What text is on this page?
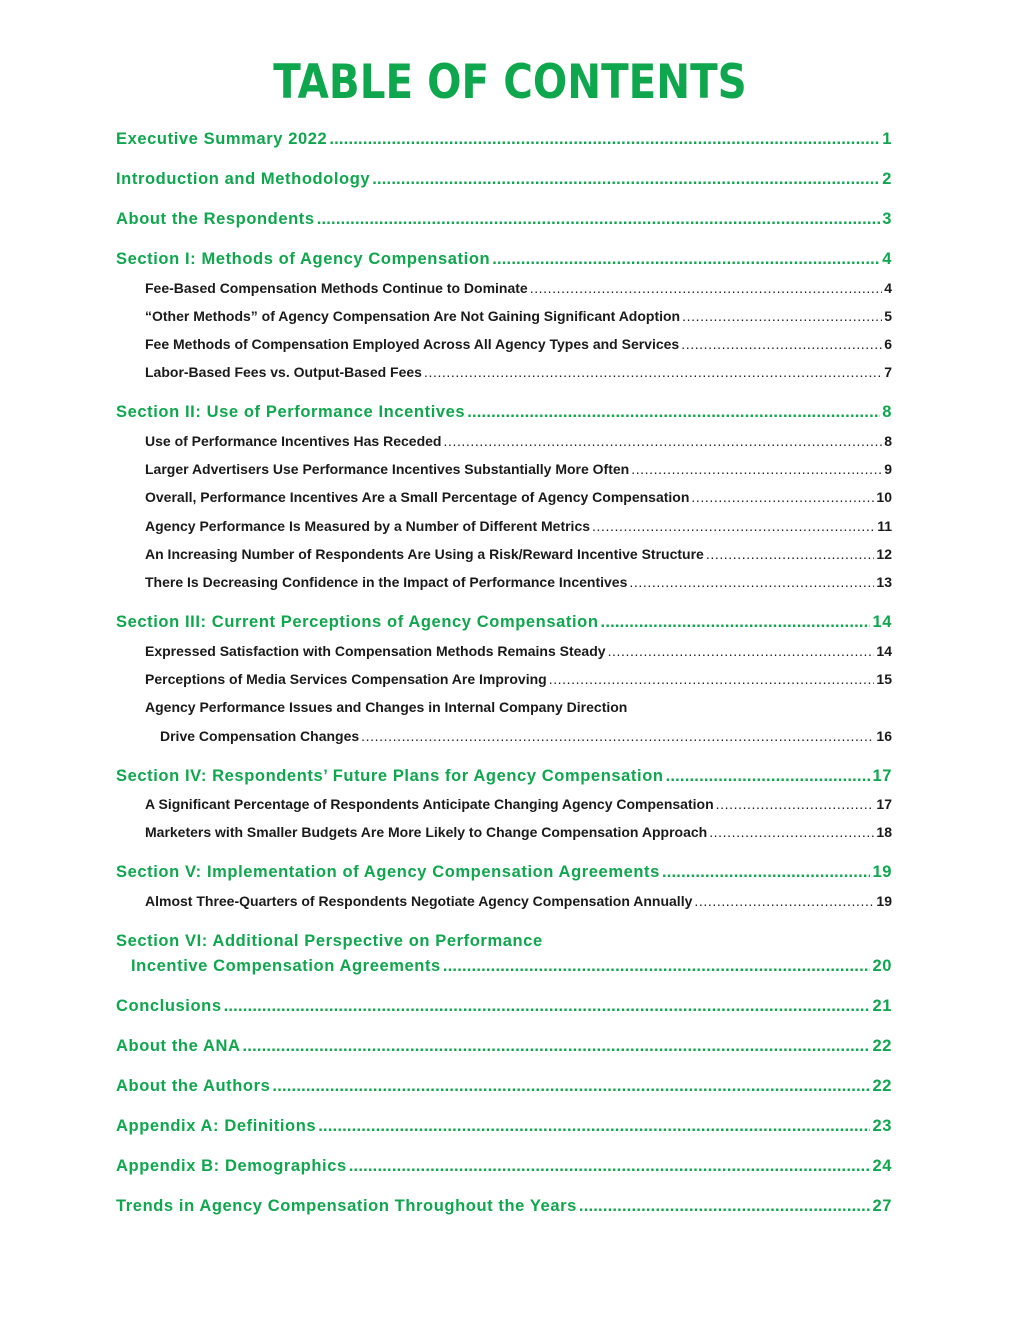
TABLE OF CONTENTS
Executive Summary 2022 .....	1
Introduction and Methodology .....	2
About the Respondents .....	3
Section I: Methods of Agency Compensation .....	4
Fee-Based Compensation Methods Continue to Dominate .....	4
“Other Methods” of Agency Compensation Are Not Gaining Significant Adoption .....	5
Fee Methods of Compensation Employed Across All Agency Types and Services .....	6
Labor-Based Fees vs. Output-Based Fees .....	7
Section II: Use of Performance Incentives .....	8
Use of Performance Incentives Has Receded .....	8
Larger Advertisers Use Performance Incentives Substantially More Often .....	9
Overall, Performance Incentives Are a Small Percentage of Agency Compensation .....	10
Agency Performance Is Measured by a Number of Different Metrics .....	11
An Increasing Number of Respondents Are Using a Risk/Reward Incentive Structure .....	12
There Is Decreasing Confidence in the Impact of Performance Incentives .....	13
Section III: Current Perceptions of Agency Compensation .....	14
Expressed Satisfaction with Compensation Methods Remains Steady .....	14
Perceptions of Media Services Compensation Are Improving .....	15
Agency Performance Issues and Changes in Internal Company Direction
Drive Compensation Changes .....	16
Section IV: Respondents’ Future Plans for Agency Compensation .....	17
A Significant Percentage of Respondents Anticipate Changing Agency Compensation .....	17
Marketers with Smaller Budgets Are More Likely to Change Compensation Approach .....	18
Section V: Implementation of Agency Compensation Agreements .....	19
Almost Three-Quarters of Respondents Negotiate Agency Compensation Annually .....	19
Section VI: Additional Perspective on Performance
Incentive Compensation Agreements .....	20
Conclusions .....	21
About the ANA .....	22
About the Authors .....	22
Appendix A: Definitions .....	23
Appendix B: Demographics .....	24
Trends in Agency Compensation Throughout the Years .....	27
